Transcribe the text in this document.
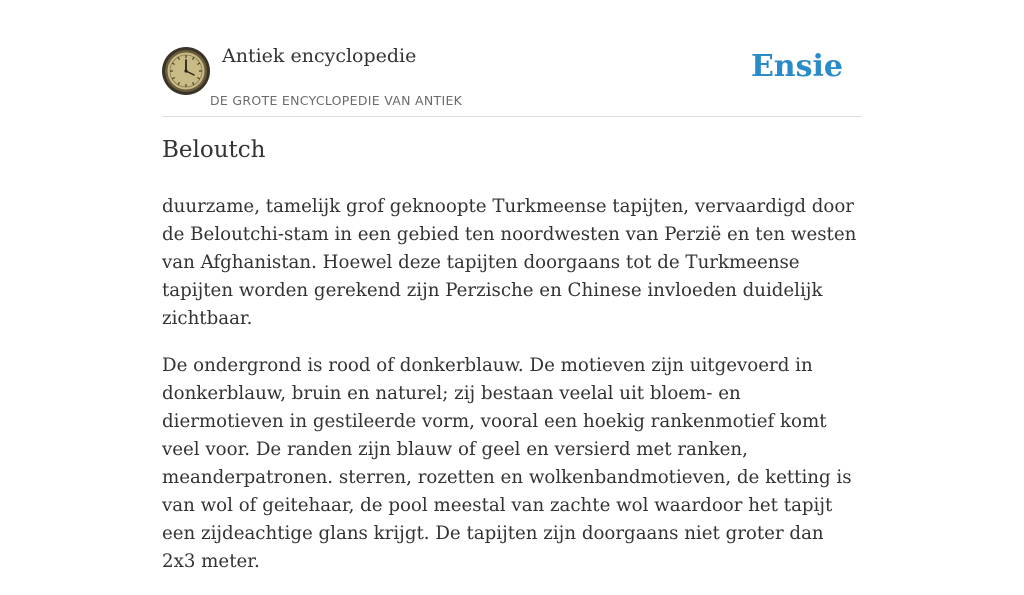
Antiek encyclopedie
DE GROTE ENCYCLOPEDIE VAN ANTIEK
Ensie
Beloutch

duurzame, tamelijk grof geknoopte Turkmeense tapijten, vervaardigd door de Beloutchi-stam in een gebied ten noordwesten van Perzië en ten westen van Afghanistan. Hoewel deze tapijten doorgaans tot de Turkmeense tapijten worden gerekend zijn Perzische en Chinese invloeden duidelijk zichtbaar.

De ondergrond is rood of donkerblauw. De motieven zijn uitgevoerd in donkerblauw, bruin en naturel; zij bestaan veelal uit bloem- en diermotieven in gestileerde vorm, vooral een hoekig rankenmotief komt veel voor. De randen zijn blauw of geel en versierd met ranken, meanderpatronen. sterren, rozetten en wolkenbandmotieven, de ketting is van wol of geitehaar, de pool meestal van zachte wol waardoor het tapijt een zijdeachtige glans krijgt. De tapijten zijn doorgaans niet groter dan 2x3 meter.
